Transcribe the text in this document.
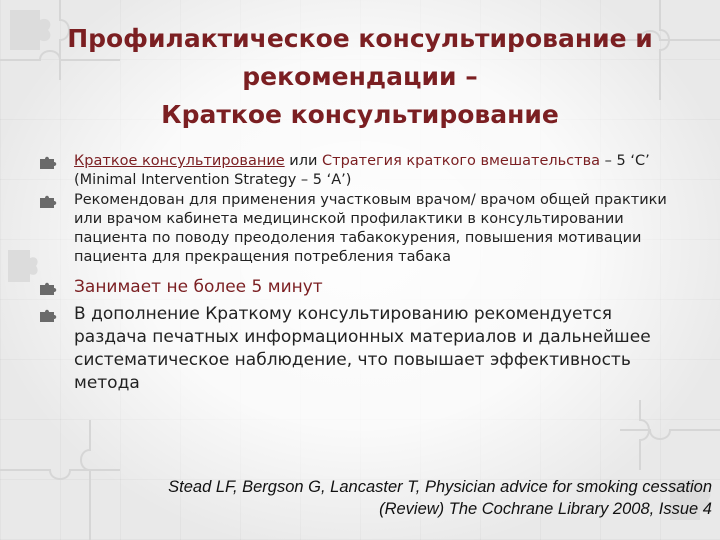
Профилактическое консультирование и
рекомендации –
Краткое консультирование
Краткое консультирование или Стратегия краткого вмешательства – 5 ‘С’ (Minimal Intervention Strategy – 5 ‘A’)
Рекомендован для применения участковым врачом/ врачом общей практики или врачом кабинета медицинской профилактики в консультировании пациента по поводу преодоления табакокурения, повышения мотивации пациента для прекращения потребления табака
Занимает не более 5 минут
В дополнение Краткому консультированию рекомендуется раздача печатных информационных материалов и дальнейшее систематическое наблюдение, что повышает эффективность метода
Stead LF, Bergson G, Lancaster T, Physician advice for smoking cessation
(Review) The Cochrane Library 2008, Issue 4
